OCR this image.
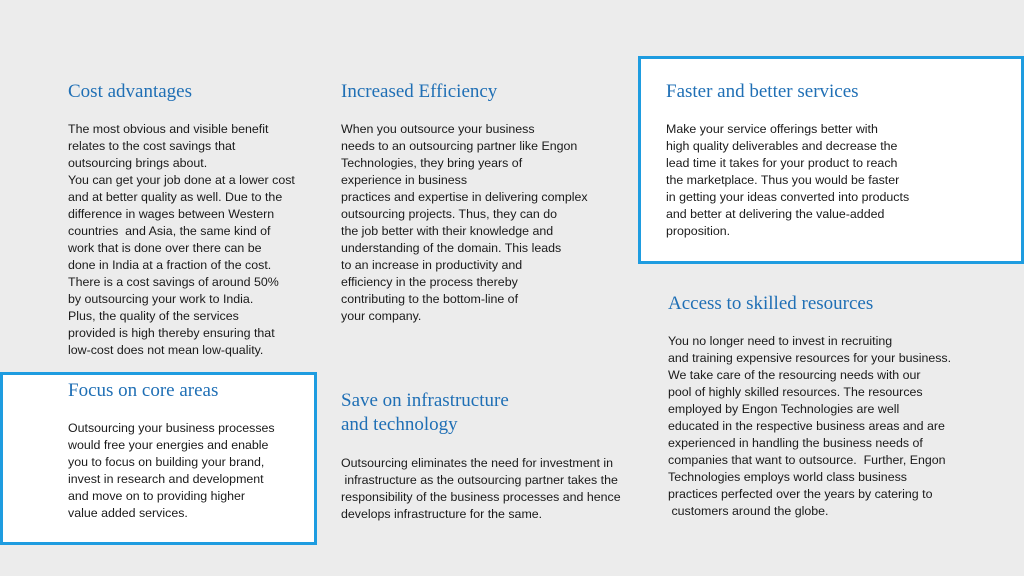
Cost advantages

The most obvious and visible benefit
relates to the cost savings that
outsourcing brings about.
You can get your job done at a lower cost
and at better quality as well. Due to the
difference in wages between Western
countries  and Asia, the same kind of
work that is done over there can be
done in India at a fraction of the cost.
There is a cost savings of around 50%
by outsourcing your work to India.
Plus, the quality of the services
provided is high thereby ensuring that
low-cost does not mean low-quality.

Increased Efficiency

When you outsource your business
needs to an outsourcing partner like Engon
Technologies, they bring years of
experience in business
practices and expertise in delivering complex
outsourcing projects. Thus, they can do
the job better with their knowledge and
understanding of the domain. This leads
to an increase in productivity and
efficiency in the process thereby
contributing to the bottom-line of
your company.

Faster and better services

Make your service offerings better with
high quality deliverables and decrease the
lead time it takes for your product to reach
the marketplace. Thus you would be faster
in getting your ideas converted into products
and better at delivering the value-added
proposition.

Access to skilled resources

You no longer need to invest in recruiting
and training expensive resources for your business.
We take care of the resourcing needs with our
pool of highly skilled resources. The resources
employed by Engon Technologies are well
educated in the respective business areas and are
experienced in handling the business needs of
companies that want to outsource.  Further, Engon
Technologies employs world class business
practices perfected over the years by catering to
customers around the globe.

Focus on core areas

Outsourcing your business processes
would free your energies and enable
you to focus on building your brand,
invest in research and development
and move on to providing higher
value added services.

Save on infrastructure
and technology

Outsourcing eliminates the need for investment in
infrastructure as the outsourcing partner takes the
responsibility of the business processes and hence
develops infrastructure for the same.
